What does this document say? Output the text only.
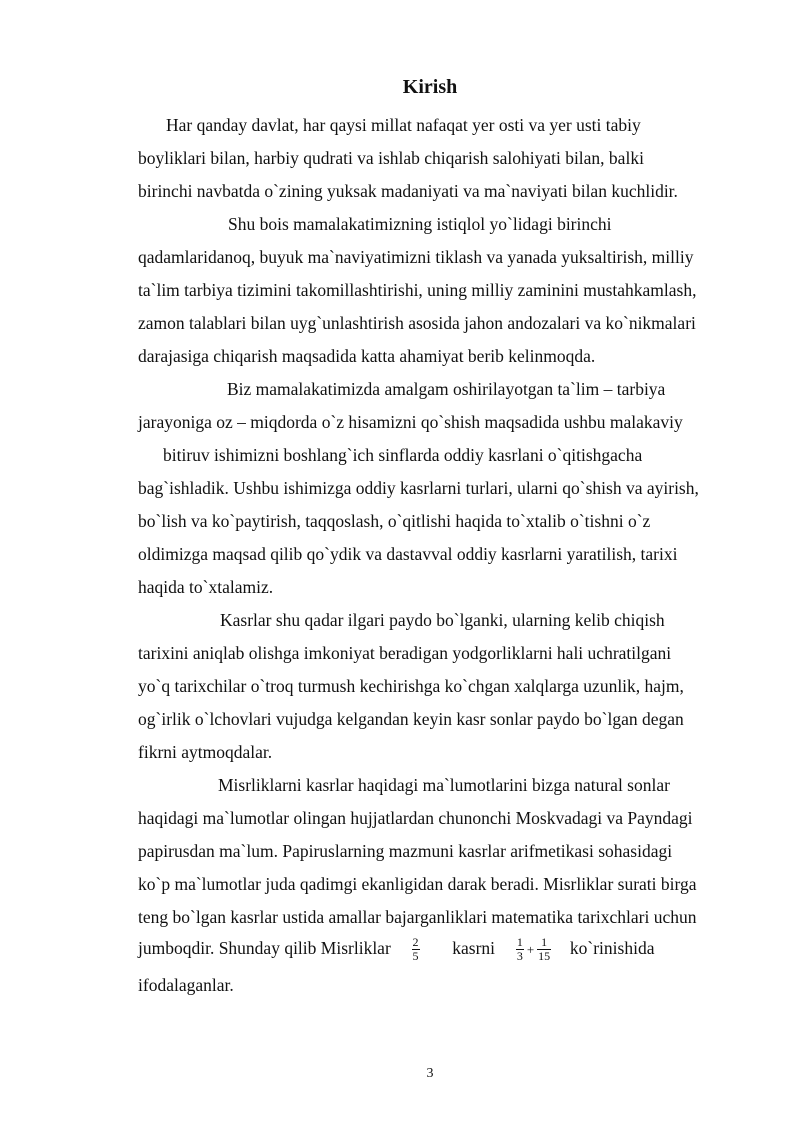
Kirish
Har qanday davlat, har qaysi millat nafaqat yer osti va yer usti tabiy
boyliklari bilan, harbiy qudrati va ishlab chiqarish salohiyati bilan, balki
birinchi navbatda o`zining yuksak madaniyati va ma`naviyati bilan kuchlidir.
Shu bois mamalakatimizning istiqlol yo`lidagi birinchi
qadamlaridanoq, buyuk ma`naviyatimizni tiklash va yanada yuksaltirish, milliy
ta`lim tarbiya tizimini takomillashtirishi, uning milliy zaminini mustahkamlash,
zamon talablari bilan uyg`unlashtirish asosida jahon andozalari va ko`nikmalari
darajasiga chiqarish maqsadida katta ahamiyat berib kelinmoqda.
Biz mamalakatimizda amalgam oshirilayotgan ta`lim – tarbiya
jarayoniga oz – miqdorda o`z hisamizni qo`shish maqsadida ushbu malakaviy
bitiruv ishimizni boshlang`ich sinflarda oddiy kasrlani o`qitishgacha
bag`ishladik. Ushbu ishimizga oddiy kasrlarni turlari, ularni qo`shish va ayirish,
bo`lish va ko`paytirish, taqqoslash, o`qitlishi haqida to`xtalib o`tishni o`z
oldimizga maqsad qilib qo`ydik va dastavval oddiy kasrlarni yaratilish, tarixi
haqida to`xtalamiz.
Kasrlar shu qadar ilgari paydo bo`lganki, ularning kelib chiqish
tarixini aniqlab olishga imkoniyat beradigan yodgorliklarni hali uchratilgani
yo`q tarixchilar o`troq turmush kechirishga ko`chgan xalqlarga uzunlik, hajm,
og`irlik o`lchovlari vujudga kelgandan keyin kasr sonlar paydo bo`lgan degan
fikrni aytmoqdalar.
Misrliklarni kasrlar haqidagi ma`lumotlarini bizga natural sonlar
haqidagi ma`lumotlar olingan hujjatlardan chunonchi Moskvadagi va Payndagi
papirusdan ma`lum. Papiruslarning mazmuni kasrlar arifmetikasi sohasidagi
ko`p ma`lumotlar juda qadimgi ekanligidan darak beradi. Misrliklar surati birga
teng bo`lgan kasrlar ustida amallar bajarganliklari matematika tarixchlari uchun
jumboqdir. Shunday qilib Misrliklar $\frac{2}{5}$ kasrni $\frac{1}{3} + \frac{1}{15}$ ko`rinishida
ifodalaganlar.
3
